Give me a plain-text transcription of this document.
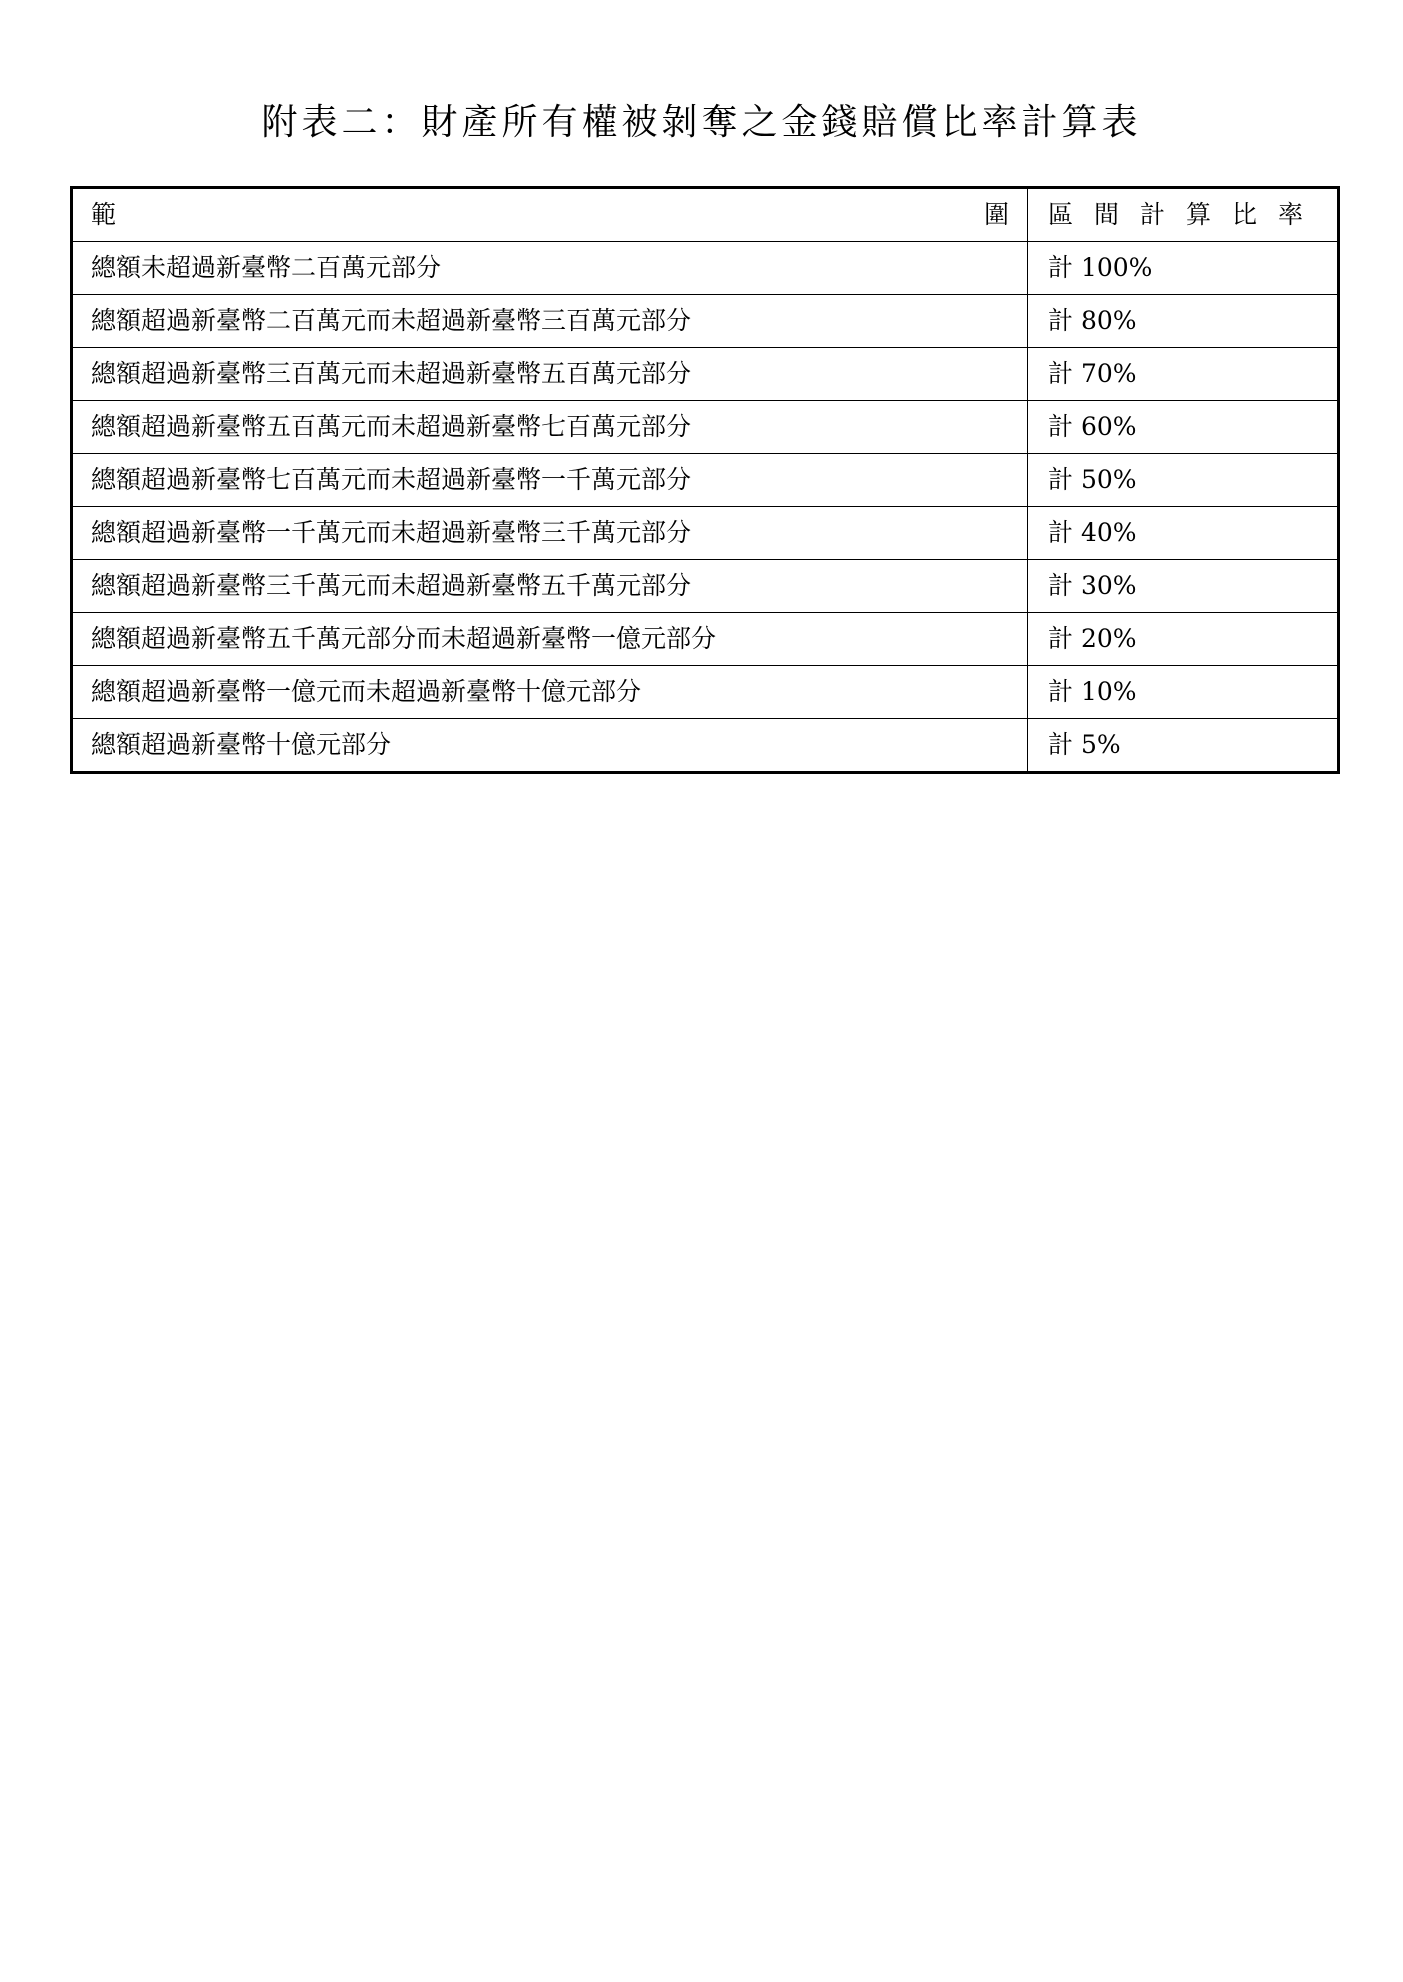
附表二：財產所有權被剝奪之金錢賠償比率計算表
範 圍	區間計算比率
總額未超過新臺幣二百萬元部分	計 100%
總額超過新臺幣二百萬元而未超過新臺幣三百萬元部分	計 80%
總額超過新臺幣三百萬元而未超過新臺幣五百萬元部分	計 70%
總額超過新臺幣五百萬元而未超過新臺幣七百萬元部分	計 60%
總額超過新臺幣七百萬元而未超過新臺幣一千萬元部分	計 50%
總額超過新臺幣一千萬元而未超過新臺幣三千萬元部分	計 40%
總額超過新臺幣三千萬元而未超過新臺幣五千萬元部分	計 30%
總額超過新臺幣五千萬元部分而未超過新臺幣一億元部分	計 20%
總額超過新臺幣一億元而未超過新臺幣十億元部分	計 10%
總額超過新臺幣十億元部分	計 5%
